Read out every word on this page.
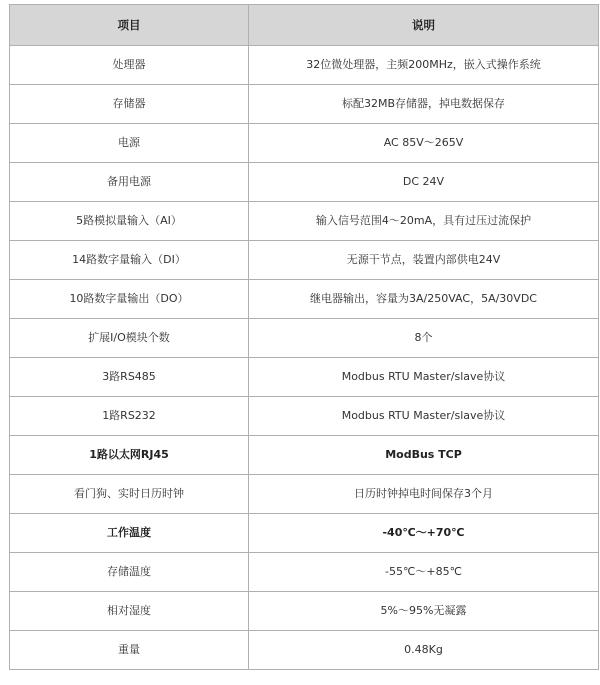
项目	说明
处理器	32位微处理器，主频200MHz，嵌入式操作系统
存储器	标配32MB存储器，掉电数据保存
电源	AC 85V～265V
备用电源	DC 24V
5路模拟量输入（AI）	输入信号范围4～20mA，具有过压过流保护
14路数字量输入（DI）	无源干节点，装置内部供电24V
10路数字量输出（DO）	继电器输出，容量为3A/250VAC，5A/30VDC
扩展I/O模块个数	8个
3路RS485	Modbus RTU Master/slave协议
1路RS232	Modbus RTU Master/slave协议
1路以太网RJ45	ModBus TCP
看门狗、实时日历时钟	日历时钟掉电时间保存3个月
工作温度	-40℃～+70℃
存储温度	-55℃～+85℃
相对湿度	5%～95%无凝露
重量	0.48Kg
